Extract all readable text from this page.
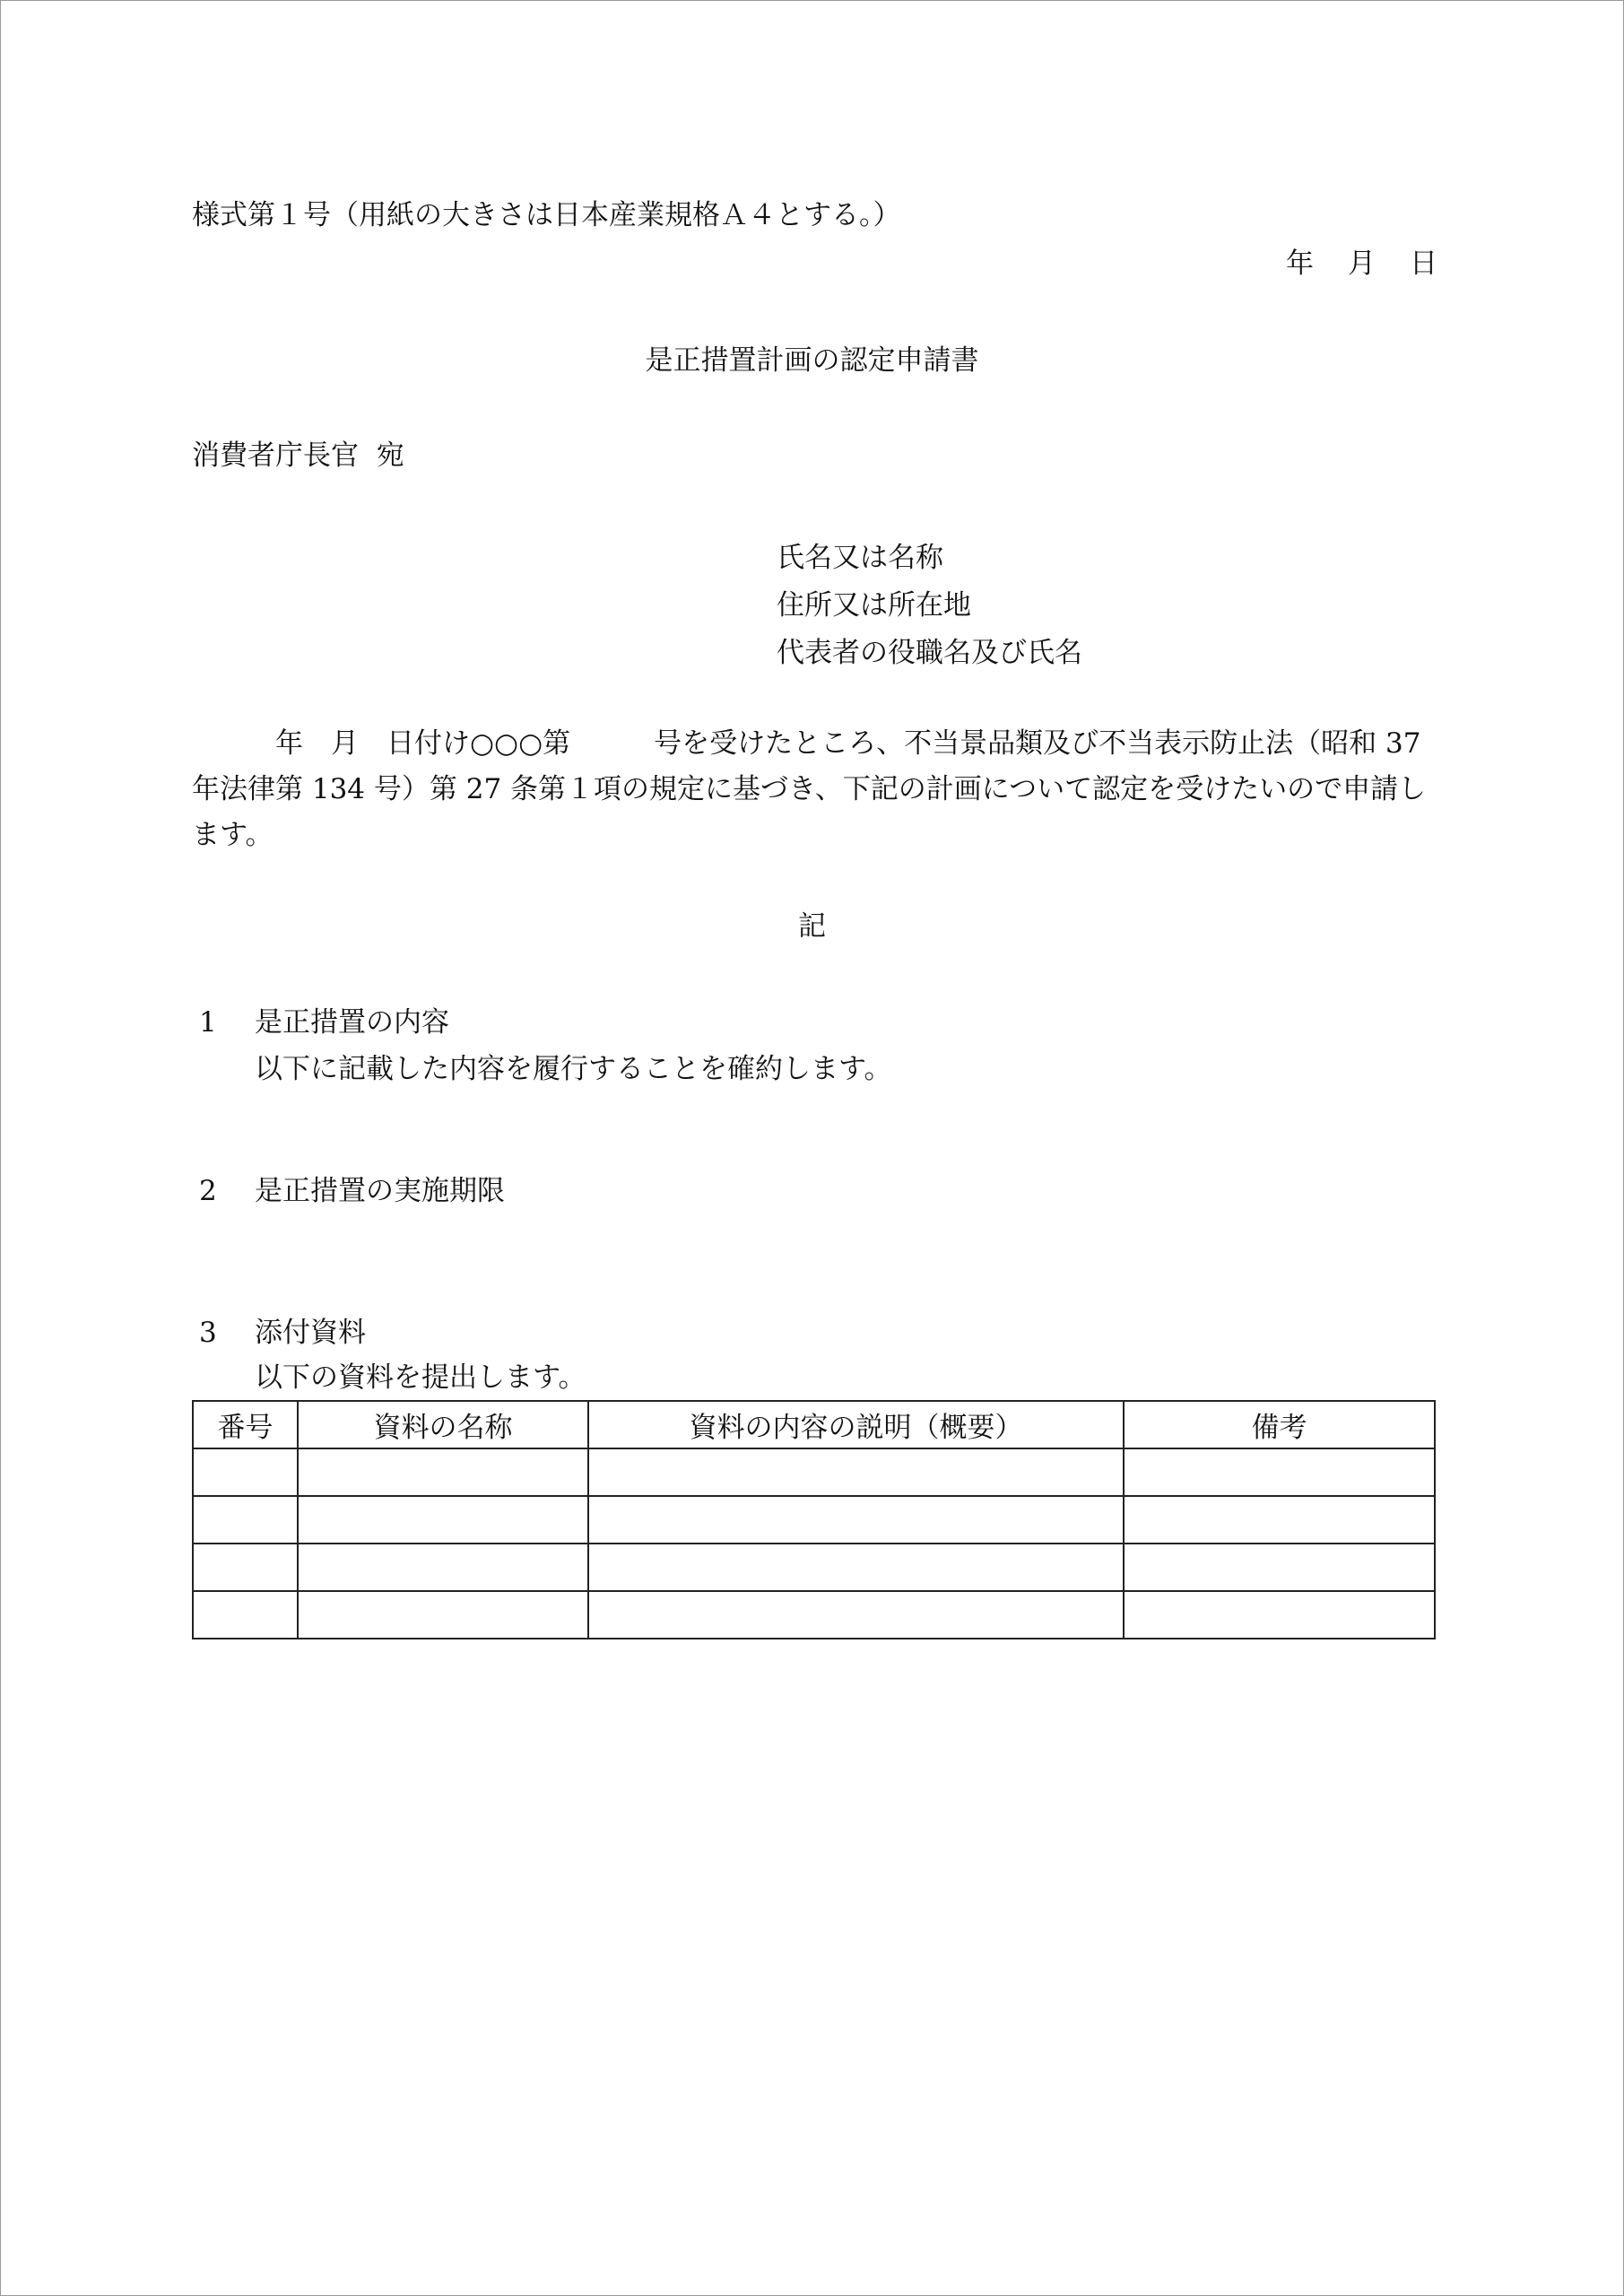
様式第１号（用紙の大きさは日本産業規格Ａ４とする。）
年 月 日
是正措置計画の認定申請書
消費者庁長官  宛
氏名又は名称
住所又は所在地
代表者の役職名及び氏名
　　　年　月　日付け○○○第　　　号を受けたところ、不当景品類及び不当表示防止法（昭和 37 年法律第 134 号）第 27 条第１項の規定に基づき、下記の計画について認定を受けたいので申請します。
記
1 是正措置の内容
以下に記載した内容を履行することを確約します。
2 是正措置の実施期限
3 添付資料
以下の資料を提出します。
番号	資料の名称	資料の内容の説明（概要）	備考
